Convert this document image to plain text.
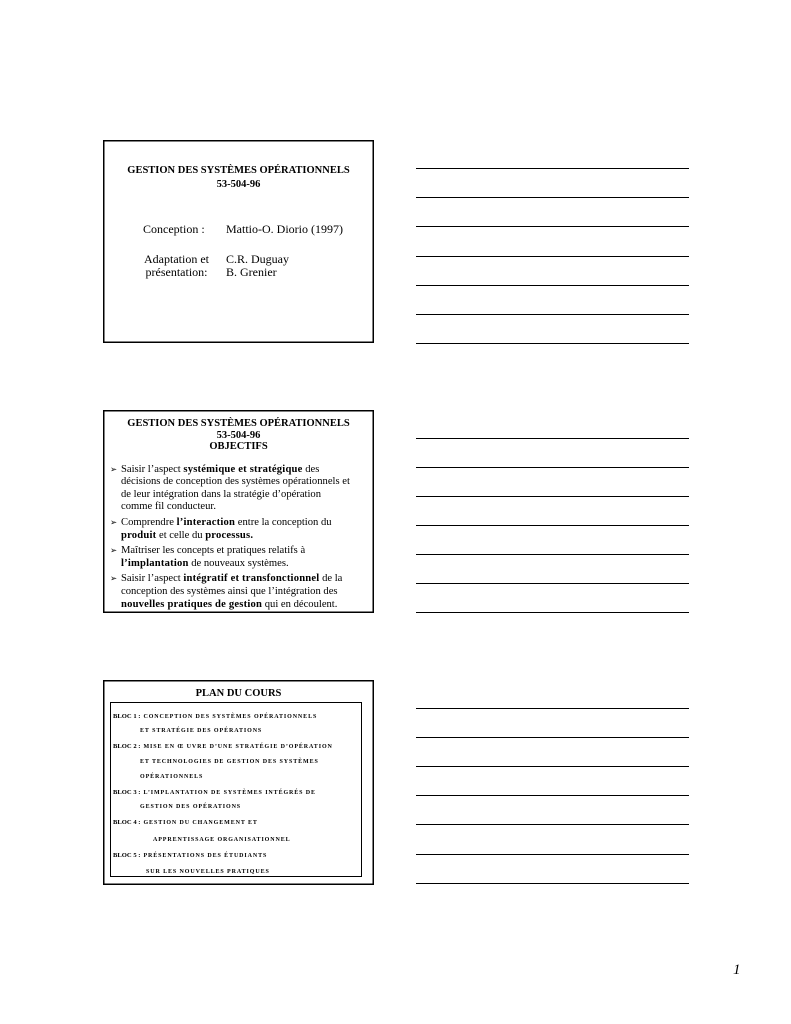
GESTION DES SYSTÈMES OPÉRATIONNELS
53-504-96
Conception : Mattio-O. Diorio (1997)
Adaptation et
présentation:
C.R. Duguay
B. Grenier
GESTION DES SYSTÈMES OPÉRATIONNELS
53-504-96
OBJECTIFS
➢ Saisir l’aspect systémique et stratégique des
décisions de conception des systèmes opérationnels et
de leur intégration dans la stratégie d’opération
comme fil conducteur.
➢ Comprendre l’interaction entre la conception du
produit et celle du processus.
➢ Maîtriser les concepts et pratiques relatifs à
l’implantation de nouveaux systèmes.
➢ Saisir l’aspect intégratif et transfonctionnel de la
conception des systèmes ainsi que l’intégration des
nouvelles pratiques de gestion qui en découlent.
PLAN DU COURS
BLOC 1 : CONCEPTION DES SYSTÈMES OPÉRATIONNELS
ET STRATÉGIE DES OPÉRATIONS
BLOC 2 : MISE EN Œ UVRE D’UNE STRATÉGIE D’OPÉRATION
ET TECHNOLOGIES DE GESTION DES SYSTÈMES
OPÉRATIONNELS
BLOC 3 : L’IMPLANTATION DE SYSTÈMES INTÉGRÉS DE
GESTION DES OPÉRATIONS
BLOC 4 : GESTION DU CHANGEMENT ET
APPRENTISSAGE ORGANISATIONNEL
BLOC 5 : PRÉSENTATIONS DES ÉTUDIANTS
SUR LES NOUVELLES PRATIQUES
1
